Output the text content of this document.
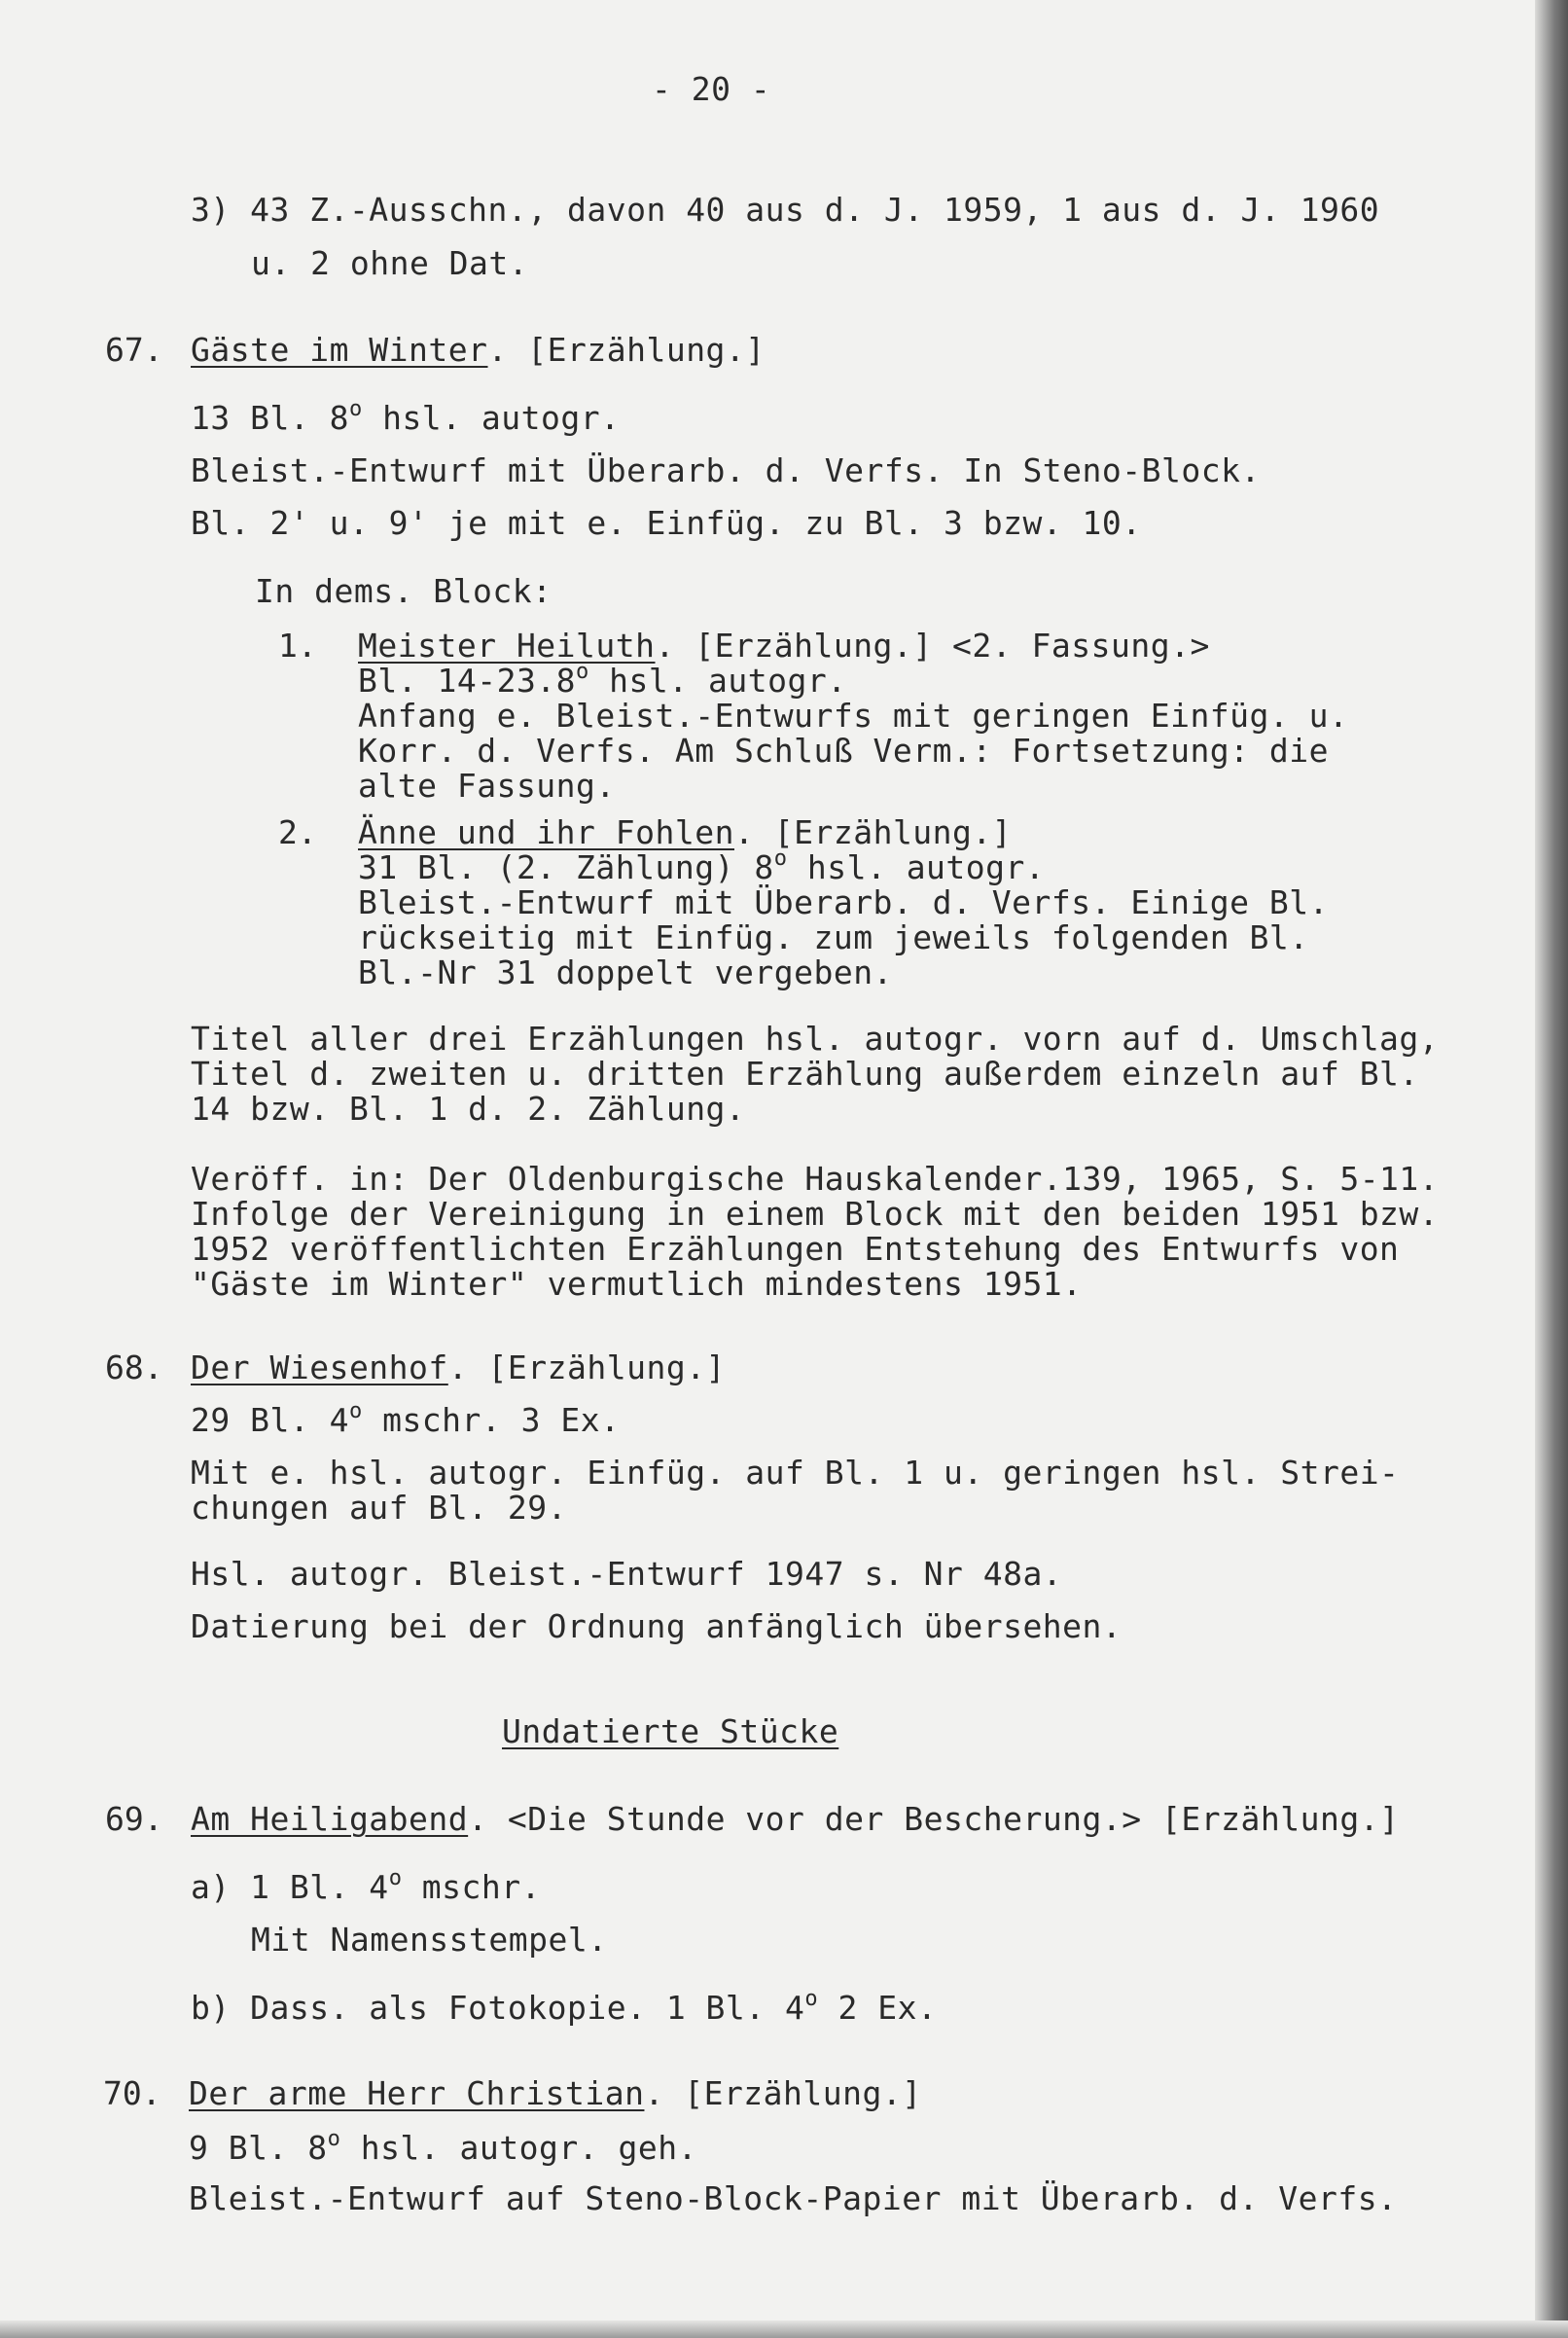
- 20 -
3) 43 Z.-Ausschn., davon 40 aus d. J. 1959, 1 aus d. J. 1960
u. 2 ohne Dat.
67. Gäste im Winter. [Erzählung.]
13 Bl. 8$^o$ hsl. autogr.
Bleist.-Entwurf mit Überarb. d. Verfs. In Steno-Block.
Bl. 2' u. 9' je mit e. Einfüg. zu Bl. 3 bzw. 10.
In dems. Block:
1. Meister Heiluth. [Erzählung.] <2. Fassung.>
Bl. 14-23.8$^o$ hsl. autogr.
Anfang e. Bleist.-Entwurfs mit geringen Einfüg. u.
Korr. d. Verfs. Am Schluß Verm.: Fortsetzung: die
alte Fassung.
2. Änne und ihr Fohlen. [Erzählung.]
31 Bl. (2. Zählung) 8$^o$ hsl. autogr.
Bleist.-Entwurf mit Überarb. d. Verfs. Einige Bl.
rückseitig mit Einfüg. zum jeweils folgenden Bl.
Bl.-Nr 31 doppelt vergeben.
Titel aller drei Erzählungen hsl. autogr. vorn auf d. Umschlag,
Titel d. zweiten u. dritten Erzählung außerdem einzeln auf Bl.
14 bzw. Bl. 1 d. 2. Zählung.
Veröff. in: Der Oldenburgische Hauskalender.139, 1965, S. 5-11.
Infolge der Vereinigung in einem Block mit den beiden 1951 bzw.
1952 veröffentlichten Erzählungen Entstehung des Entwurfs von
"Gäste im Winter" vermutlich mindestens 1951.
68. Der Wiesenhof. [Erzählung.]
29 Bl. 4$^o$ mschr. 3 Ex.
Mit e. hsl. autogr. Einfüg. auf Bl. 1 u. geringen hsl. Strei-
chungen auf Bl. 29.
Hsl. autogr. Bleist.-Entwurf 1947 s. Nr 48a.
Datierung bei der Ordnung anfänglich übersehen.
Undatierte Stücke
69. Am Heiligabend. <Die Stunde vor der Bescherung.> [Erzählung.]
a) 1 Bl. 4$^o$ mschr.
Mit Namensstempel.
b) Dass. als Fotokopie. 1 Bl. 4$^o$ 2 Ex.
70. Der arme Herr Christian. [Erzählung.]
9 Bl. 8$^o$ hsl. autogr. geh.
Bleist.-Entwurf auf Steno-Block-Papier mit Überarb. d. Verfs.
